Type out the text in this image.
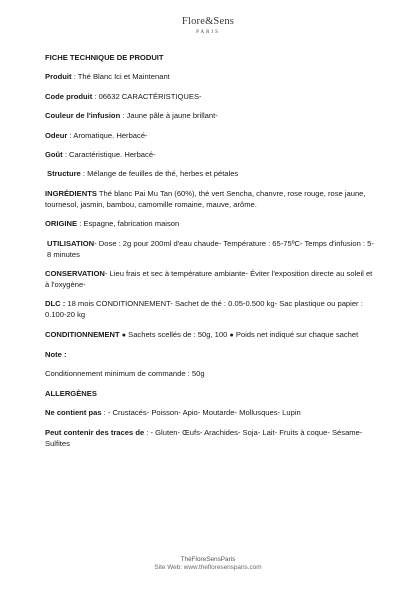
Flore&Sens
PARIS

FICHE TECHNIQUE DE PRODUIT

Produit : Thé Blanc Ici et Maintenant

Code produit : 06632 CARACTÉRISTIQUES-

Couleur de l'infusion : Jaune pâle à jaune brillant-

Odeur : Aromatique. Herbacé-

Goût : Caractéristique. Herbacé-

Structure : Mélange de feuilles de thé, herbes et pétales

INGRÉDIENTS Thé blanc Pai Mu Tan (60%), thé vert Sencha, chanvre, rose rouge, rose jaune, tournesol, jasmin, bambou, camomille romaine, mauve, arôme.

ORIGINE : Espagne, fabrication maison

UTILISATION- Dose : 2g pour 200ml d'eau chaude- Température : 65-75ºC- Temps d'infusion : 5-8 minutes

CONSERVATION- Lieu frais et sec à température ambiante- Éviter l'exposition directe au soleil et à l'oxygène-

DLC : 18 mois CONDITIONNEMENT- Sachet de thé : 0.05-0.500 kg- Sac plastique ou papier : 0.100-20 kg

CONDITIONNEMENT ● Sachets scellés de : 50g, 100 ● Poids net indiqué sur chaque sachet

Note :

Conditionnement minimum de commande : 50g

ALLERGÈNES

Ne contient pas : - Crustacés- Poisson- Apio- Moutarde- Mollusques- Lupin

Peut contenir des traces de : - Gluten- Œufs- Arachides- Soja- Lait- Fruits à coque- Sésame- Sulfites

ThéFloreSensParis
Site Web: www.thefloresensparis.com
